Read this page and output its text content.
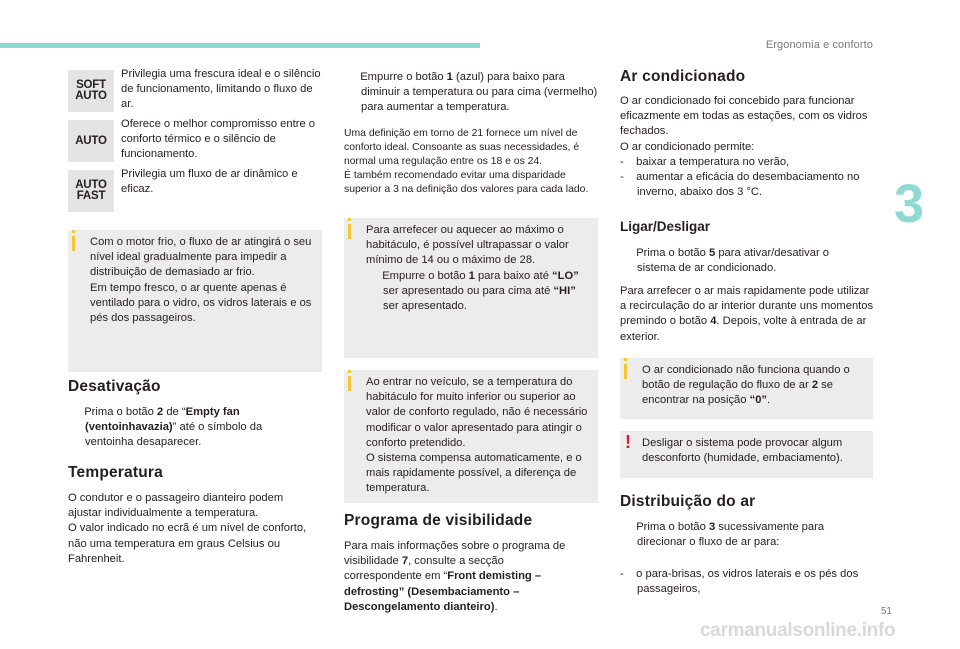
Ergonomia e conforto
3
51
SOFT
AUTO

Privilegia uma frescura ideal e o silêncio de funcionamento, limitando o fluxo de ar.

AUTO

Oferece o melhor compromisso entre o conforto térmico e o silêncio de funcionamento.

AUTO
FAST

Privilegia um fluxo de ar dinâmico e eficaz.

Com o motor frio, o fluxo de ar atingirá o seu nível ideal gradualmente para impedir a distribuição de demasiado ar frio.

Em tempo fresco, o ar quente apenas é ventilado para o vidro, os vidros laterais e os pés dos passageiros.

Desativação

Prima o botão 2 de “Empty fan (ventoinhavazia)” até o símbolo da ventoinha desaparecer.

Temperatura

O condutor e o passageiro dianteiro podem ajustar individualmente a temperatura.

O valor indicado no ecrã é um nível de conforto, não uma temperatura em graus Celsius ou Fahrenheit.

Empurre o botão 1 (azul) para baixo para diminuir a temperatura ou para cima (vermelho) para aumentar a temperatura.

Uma definição em torno de 21 fornece um nível de conforto ideal. Consoante as suas necessidades, é normal uma regulação entre os 18 e os 24.

É também recomendado evitar uma disparidade superior a 3 na definição dos valores para cada lado.

Para arrefecer ou aquecer ao máximo o habitáculo, é possível ultrapassar o valor mínimo de 14 ou o máximo de 28.

Empurre o botão 1 para baixo até “LO” ser apresentado ou para cima até “HI” ser apresentado.

Ao entrar no veículo, se a temperatura do habitáculo for muito inferior ou superior ao valor de conforto regulado, não é necessário modificar o valor apresentado para atingir o conforto pretendido.

O sistema compensa automaticamente, e o mais rapidamente possível, a diferença de temperatura.

Programa de visibilidade

Para mais informações sobre o programa de visibilidade 7, consulte a secção correspondente em “Front demisting – defrosting” (Desembaciamento – Descongelamento dianteiro).

Ar condicionado

O ar condicionado foi concebido para funcionar eficazmente em todas as estações, com os vidros fechados.

O ar condicionado permite:

- baixar a temperatura no verão,

- aumentar a eficácia do desembaciamento no inverno, abaixo dos 3 °C.

Ligar/Desligar

Prima o botão 5 para ativar/desativar o sistema de ar condicionado.

Para arrefecer o ar mais rapidamente pode utilizar a recirculação do ar interior durante uns momentos premindo o botão 4. Depois, volte à entrada de ar exterior.

O ar condicionado não funciona quando o botão de regulação do fluxo de ar 2 se encontrar na posição “0”.

! Desligar o sistema pode provocar algum desconforto (humidade, embaciamento).

Distribuição do ar

Prima o botão 3 sucessivamente para direcionar o fluxo de ar para:

- o para-brisas, os vidros laterais e os pés dos passageiros,

carmanualsonline.info
